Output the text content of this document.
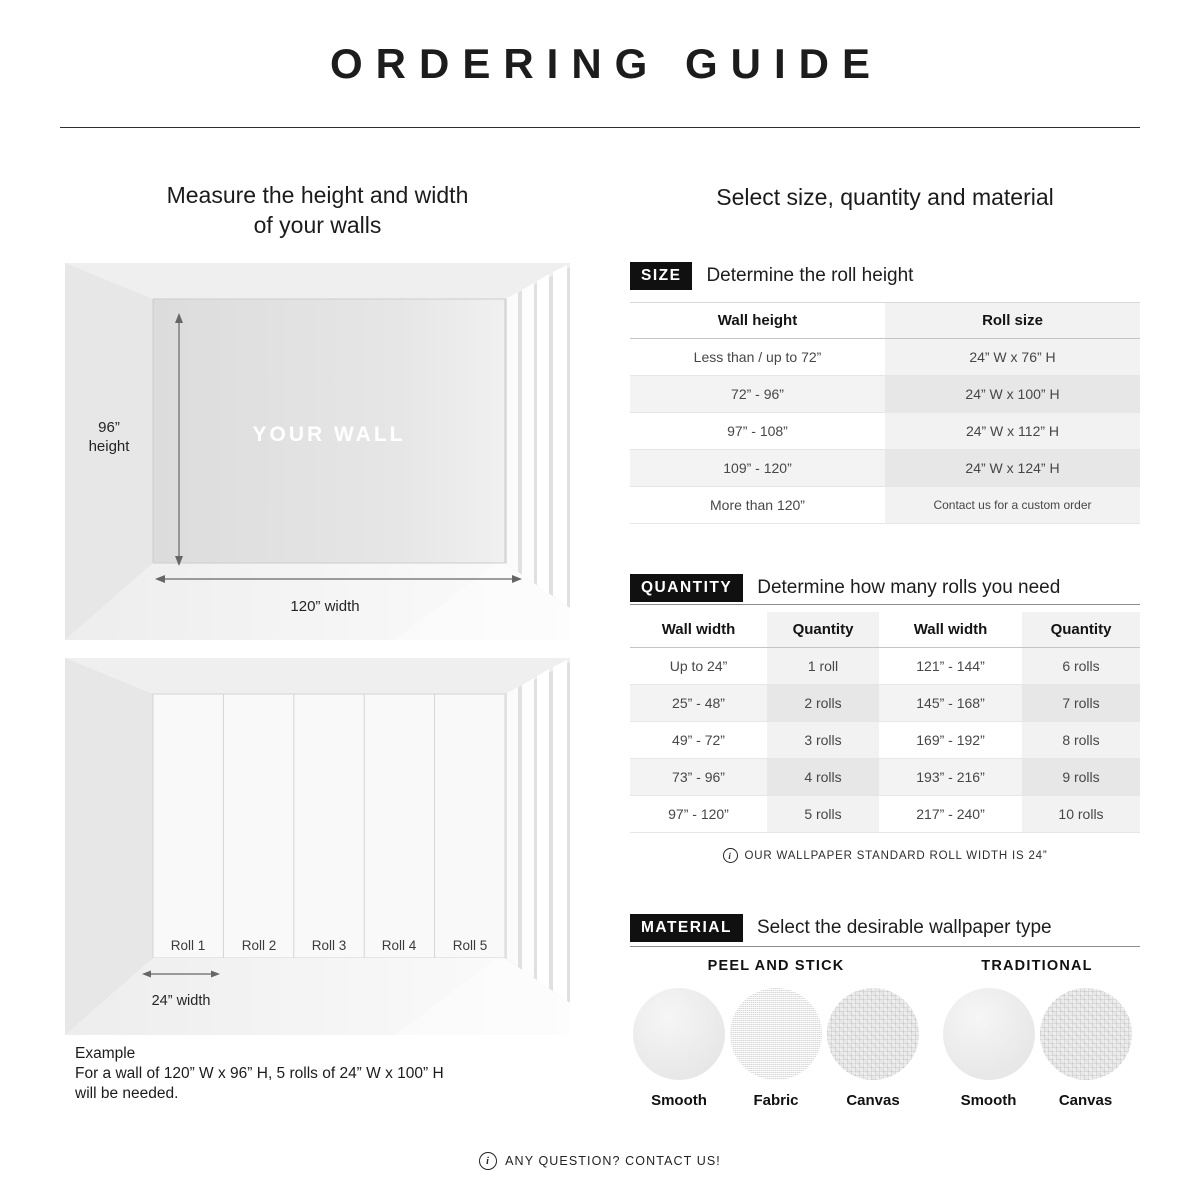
ORDERING GUIDE
Measure the height and width
of your walls
96”
height
YOUR WALL
120” width
Roll 1	Roll 2	Roll 3	Roll 4	Roll 5
24” width
Example
For a wall of 120” W x 96” H, 5 rolls of 24” W x 100” H
will be needed.
Select size, quantity and material
SIZE	Determine the roll height
Wall height	Roll size
Less than / up to 72”	24” W x 76” H
72” - 96”	24” W x 100” H
97” - 108”	24” W x 112” H
109” - 120”	24” W x 124” H
More than 120”	Contact us for a custom order
QUANTITY	Determine how many rolls you need
Wall width	Quantity	Wall width	Quantity
Up to 24”	1 roll	121” - 144”	6 rolls
25” - 48”	2 rolls	145” - 168”	7 rolls
49” - 72”	3 rolls	169” - 192”	8 rolls
73” - 96”	4 rolls	193” - 216”	9 rolls
97” - 120”	5 rolls	217” - 240”	10 rolls
i OUR WALLPAPER STANDARD ROLL WIDTH IS 24”
MATERIAL	Select the desirable wallpaper type
PEEL AND STICK
Smooth	Fabric	Canvas
TRADITIONAL
Smooth	Canvas
i ANY QUESTION? CONTACT US!
